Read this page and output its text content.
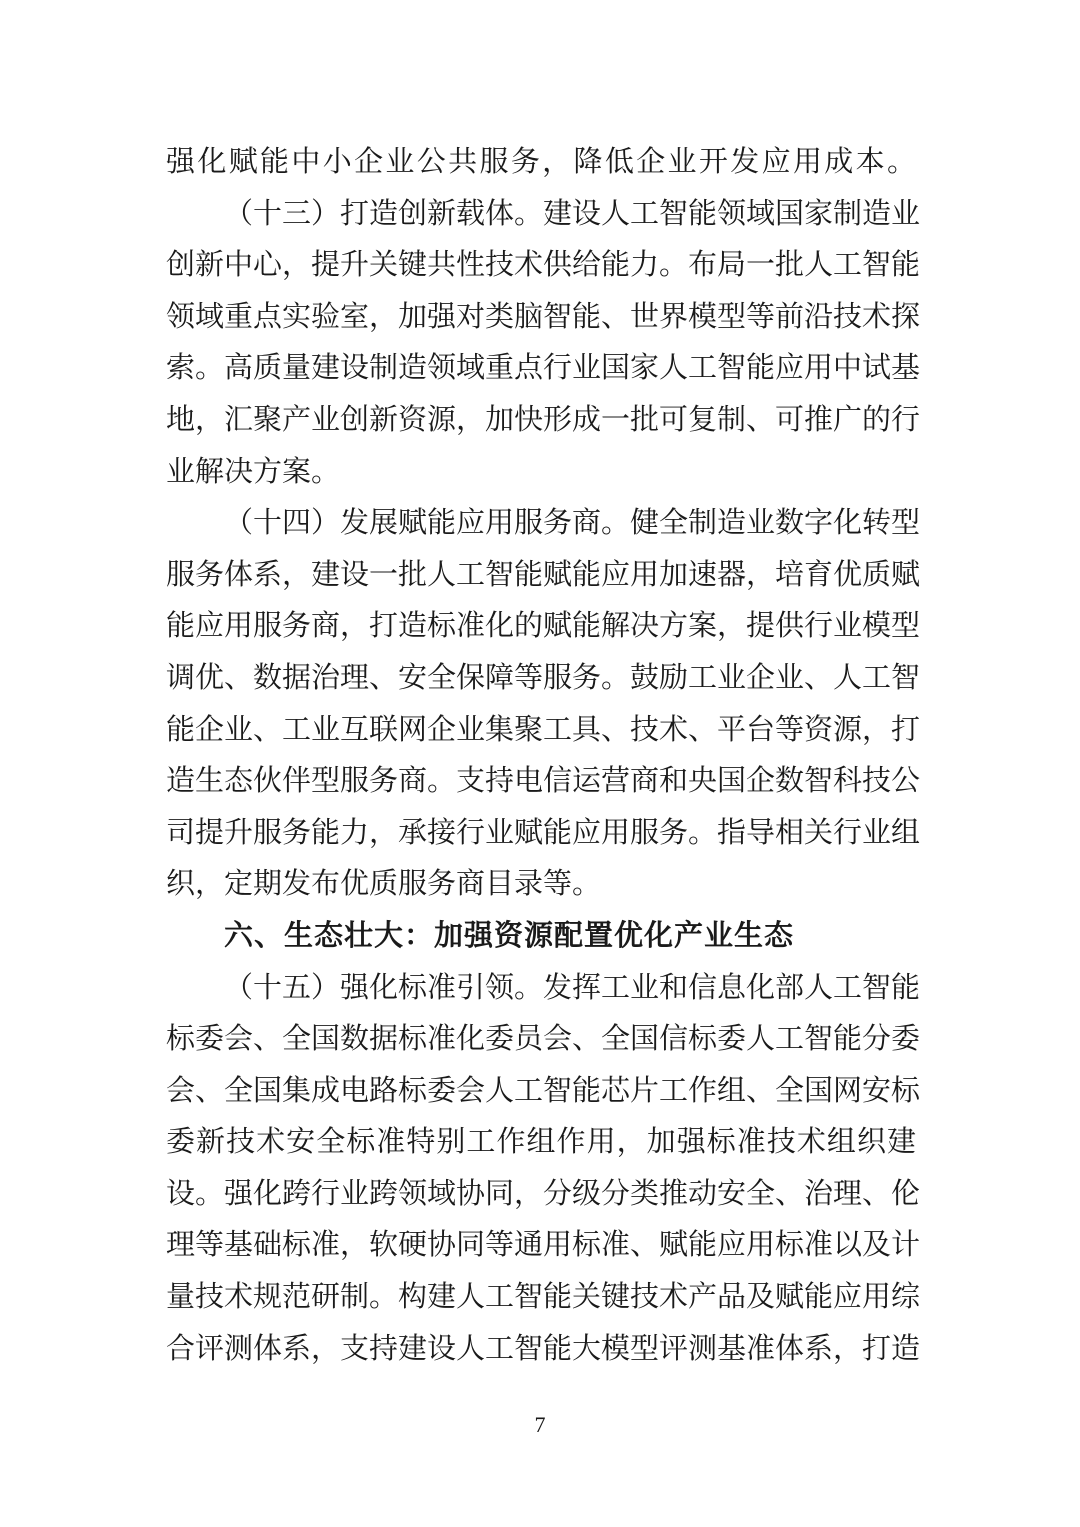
强化赋能中小企业公共服务，降低企业开发应用成本。
（十三）打造创新载体。建设人工智能领域国家制造业
创新中心，提升关键共性技术供给能力。布局一批人工智能
领域重点实验室，加强对类脑智能、世界模型等前沿技术探
索。高质量建设制造领域重点行业国家人工智能应用中试基
地，汇聚产业创新资源，加快形成一批可复制、可推广的行
业解决方案。
（十四）发展赋能应用服务商。健全制造业数字化转型
服务体系，建设一批人工智能赋能应用加速器，培育优质赋
能应用服务商，打造标准化的赋能解决方案，提供行业模型
调优、数据治理、安全保障等服务。鼓励工业企业、人工智
能企业、工业互联网企业集聚工具、技术、平台等资源，打
造生态伙伴型服务商。支持电信运营商和央国企数智科技公
司提升服务能力，承接行业赋能应用服务。指导相关行业组
织，定期发布优质服务商目录等。
六、生态壮大：加强资源配置优化产业生态
（十五）强化标准引领。发挥工业和信息化部人工智能
标委会、全国数据标准化委员会、全国信标委人工智能分委
会、全国集成电路标委会人工智能芯片工作组、全国网安标
委新技术安全标准特别工作组作用，加强标准技术组织建
设。强化跨行业跨领域协同，分级分类推动安全、治理、伦
理等基础标准，软硬协同等通用标准、赋能应用标准以及计
量技术规范研制。构建人工智能关键技术产品及赋能应用综
合评测体系，支持建设人工智能大模型评测基准体系，打造
7
